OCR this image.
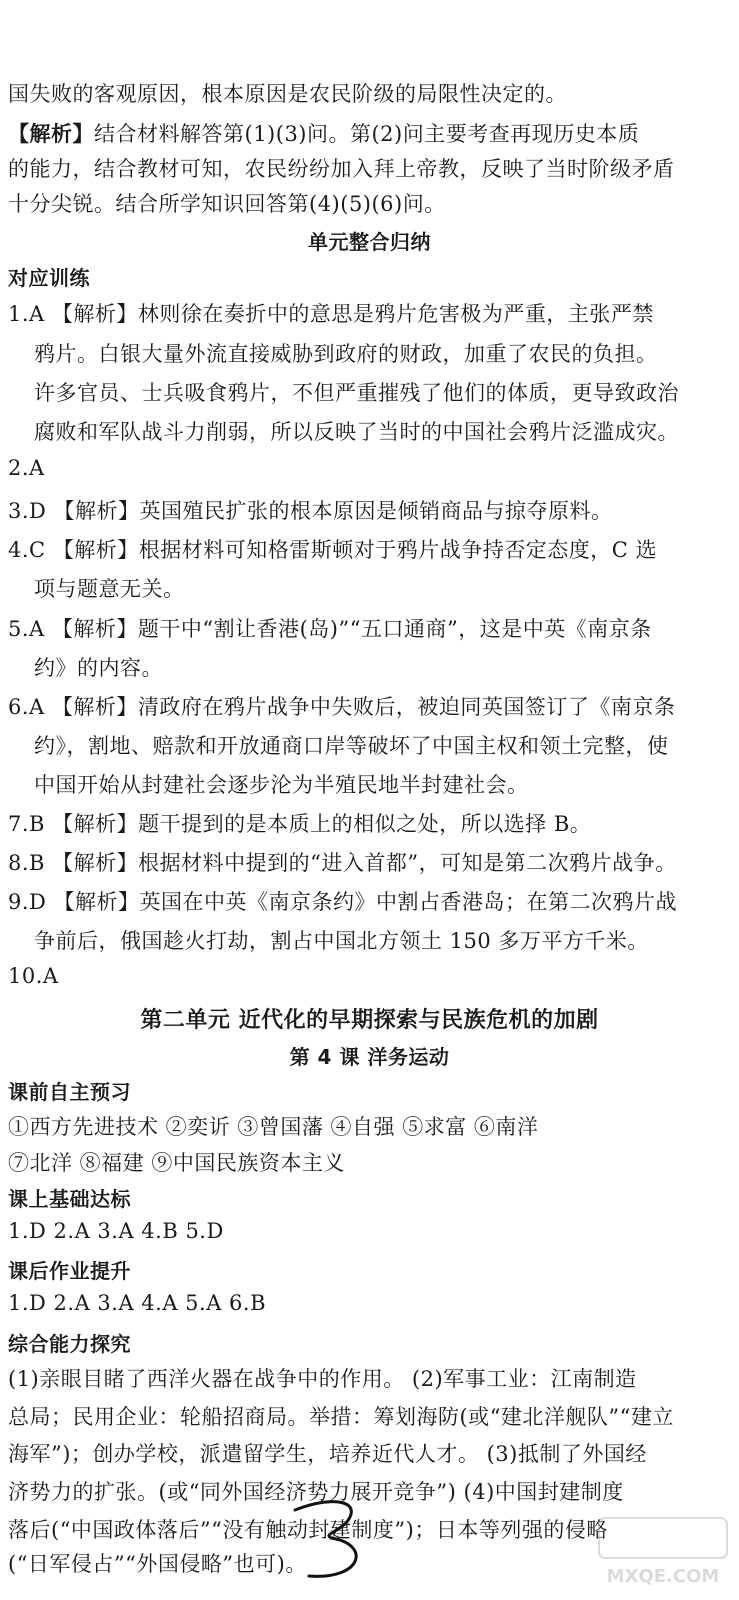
国失败的客观原因，根本原因是农民阶级的局限性决定的。
【解析】结合材料解答第(1)(3)问。第(2)问主要考查再现历史本质
的能力，结合教材可知，农民纷纷加入拜上帝教，反映了当时阶级矛盾
十分尖锐。结合所学知识回答第(4)(5)(6)问。
单元整合归纳
对应训练
1.A 【解析】林则徐在奏折中的意思是鸦片危害极为严重，主张严禁
鸦片。白银大量外流直接威胁到政府的财政，加重了农民的负担。
许多官员、士兵吸食鸦片，不但严重摧残了他们的体质，更导致政治
腐败和军队战斗力削弱，所以反映了当时的中国社会鸦片泛滥成灾。
2.A
3.D 【解析】英国殖民扩张的根本原因是倾销商品与掠夺原料。
4.C 【解析】根据材料可知格雷斯顿对于鸦片战争持否定态度，C 选
项与题意无关。
5.A 【解析】题干中“割让香港(岛)”“五口通商”，这是中英《南京条
约》的内容。
6.A 【解析】清政府在鸦片战争中失败后，被迫同英国签订了《南京条
约》，割地、赔款和开放通商口岸等破坏了中国主权和领土完整，使
中国开始从封建社会逐步沦为半殖民地半封建社会。
7.B 【解析】题干提到的是本质上的相似之处，所以选择 B。
8.B 【解析】根据材料中提到的“进入首都”，可知是第二次鸦片战争。
9.D 【解析】英国在中英《南京条约》中割占香港岛；在第二次鸦片战
争前后，俄国趁火打劫，割占中国北方领土 150 多万平方千米。
10.A
第二单元 近代化的早期探索与民族危机的加剧
第 4 课 洋务运动
课前自主预习
①西方先进技术 ②奕䜣 ③曾国藩 ④自强 ⑤求富 ⑥南洋
⑦北洋 ⑧福建 ⑨中国民族资本主义
课上基础达标
1.D 2.A 3.A 4.B 5.D
课后作业提升
1.D 2.A 3.A 4.A 5.A 6.B
综合能力探究
(1)亲眼目睹了西洋火器在战争中的作用。 (2)军事工业：江南制造
总局；民用企业：轮船招商局。举措：筹划海防(或“建北洋舰队”“建立
海军”)；创办学校，派遣留学生，培养近代人才。 (3)抵制了外国经
济势力的扩张。(或“同外国经济势力展开竞争”) (4)中国封建制度
落后(“中国政体落后”“没有触动封建制度”)；日本等列强的侵略
MXQE.COM
(“日军侵占”“外国侵略”也可)。
